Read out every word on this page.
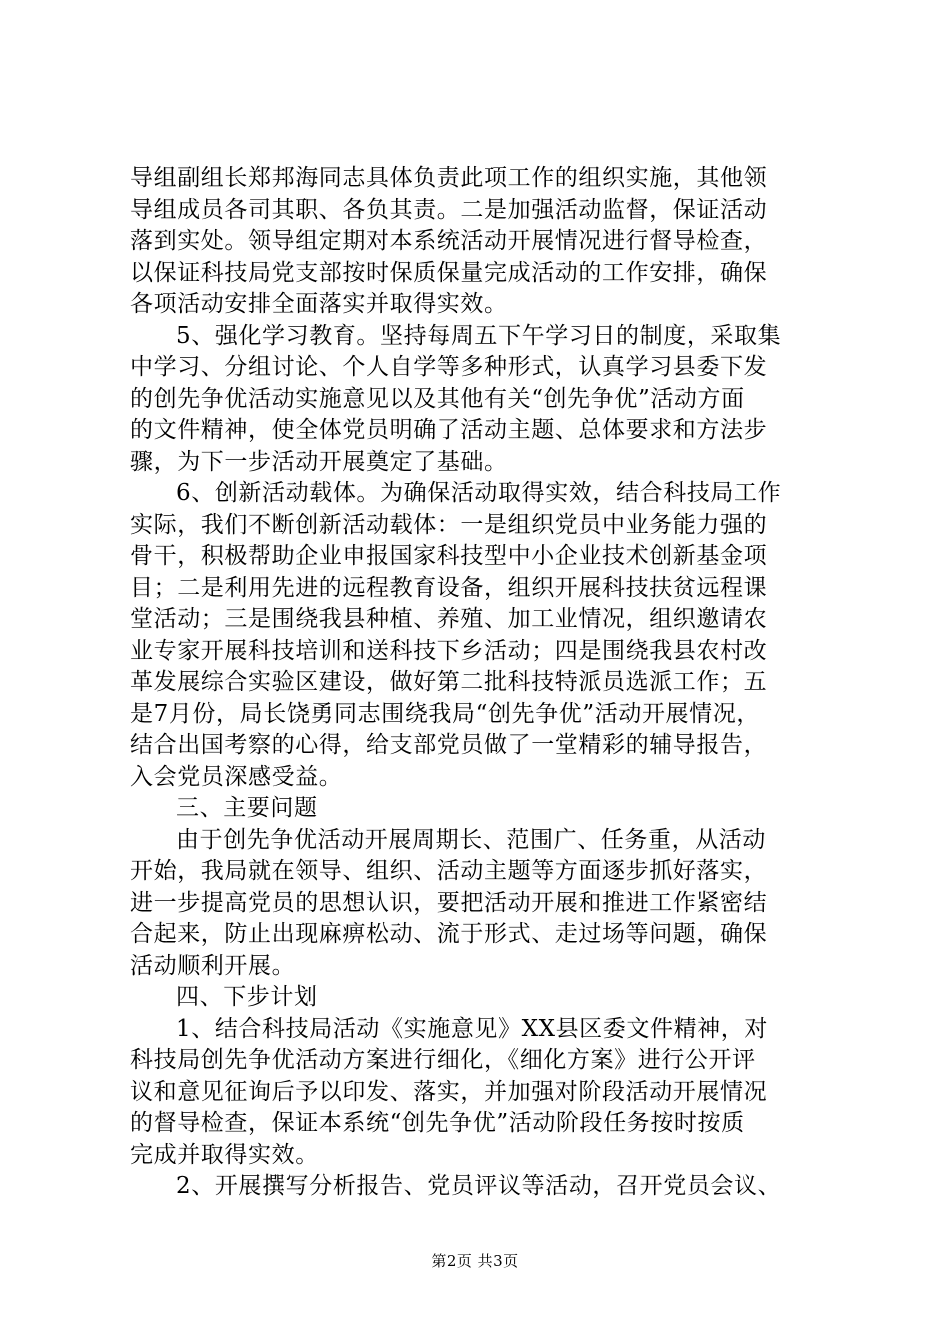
导组副组长郑邦海同志具体负责此项工作的组织实施，其他领
导组成员各司其职、各负其责。二是加强活动监督，保证活动
落到实处。领导组定期对本系统活动开展情况进行督导检查，
以保证科技局党支部按时保质保量完成活动的工作安排，确保
各项活动安排全面落实并取得实效。
5、强化学习教育。坚持每周五下午学习日的制度，采取集
中学习、分组讨论、个人自学等多种形式，认真学习县委下发
的创先争优活动实施意见以及其他有关“创先争优”活动方面
的文件精神，使全体党员明确了活动主题、总体要求和方法步
骤，为下一步活动开展奠定了基础。
6、创新活动载体。为确保活动取得实效，结合科技局工作
实际，我们不断创新活动载体：一是组织党员中业务能力强的
骨干，积极帮助企业申报国家科技型中小企业技术创新基金项
目；二是利用先进的远程教育设备，组织开展科技扶贫远程课
堂活动；三是围绕我县种植、养殖、加工业情况，组织邀请农
业专家开展科技培训和送科技下乡活动；四是围绕我县农村改
革发展综合实验区建设，做好第二批科技特派员选派工作；五
是7月份，局长饶勇同志围绕我局“创先争优”活动开展情况，
结合出国考察的心得，给支部党员做了一堂精彩的辅导报告，
入会党员深感受益。
三、主要问题
由于创先争优活动开展周期长、范围广、任务重，从活动
开始，我局就在领导、组织、活动主题等方面逐步抓好落实，
进一步提高党员的思想认识，要把活动开展和推进工作紧密结
合起来，防止出现麻痹松动、流于形式、走过场等问题，确保
活动顺利开展。
四、下步计划
1、结合科技局活动《实施意见》XX县区委文件精神，对
科技局创先争优活动方案进行细化，《细化方案》进行公开评
议和意见征询后予以印发、落实，并加强对阶段活动开展情况
的督导检查，保证本系统“创先争优”活动阶段任务按时按质
完成并取得实效。
2、开展撰写分析报告、党员评议等活动，召开党员会议、
第2页 共3页
